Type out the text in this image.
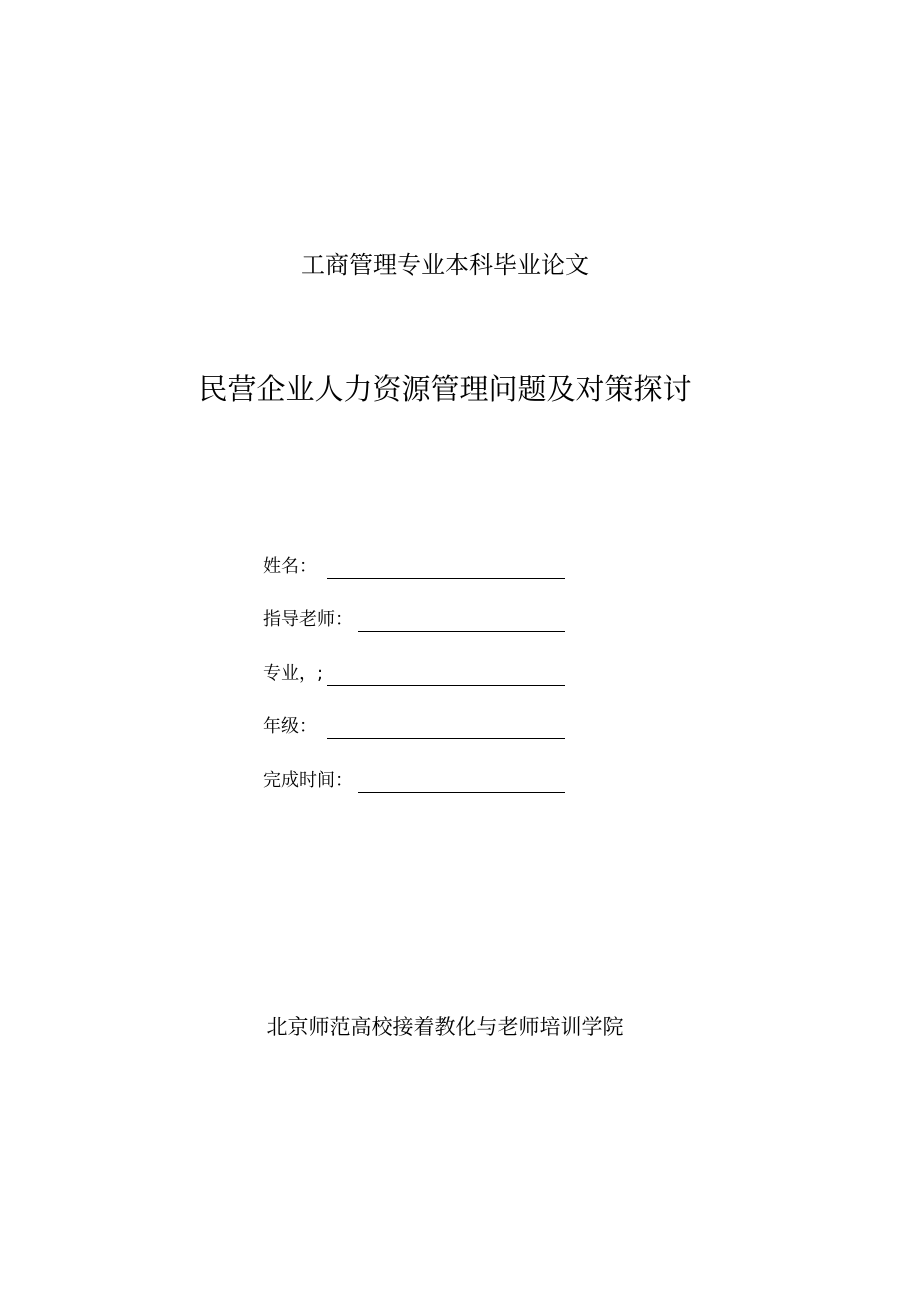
工商管理专业本科毕业论文
民营企业人力资源管理问题及对策探讨
姓名：
指导老师：
专业，;
年级：
完成时间：
北京师范高校接着教化与老师培训学院
